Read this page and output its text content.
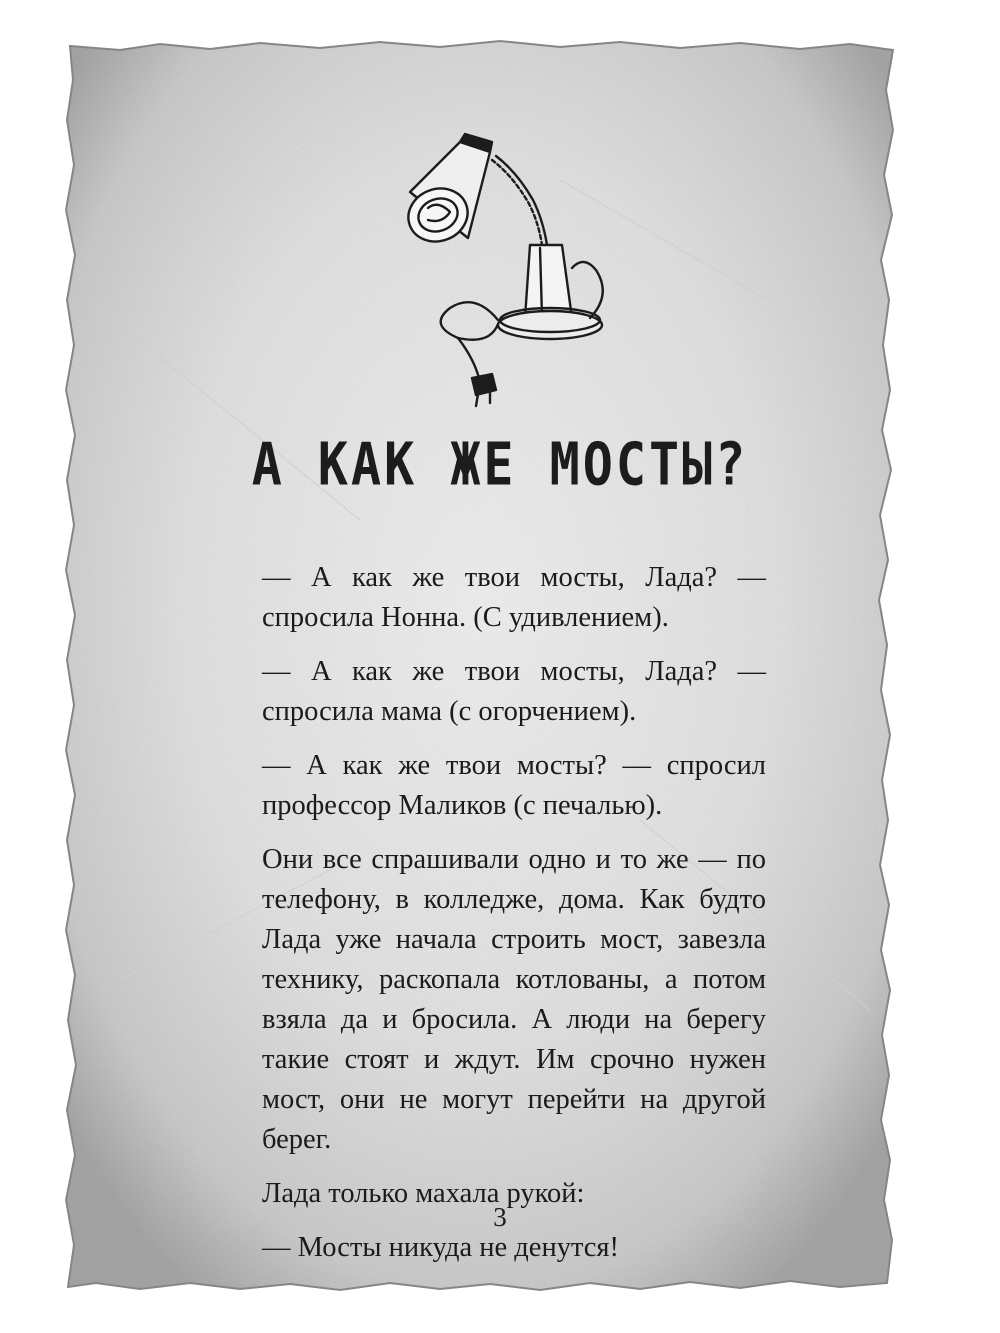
А КАК ЖЕ МОСТЫ?

— А как же твои мосты, Лада? — спросила Нонна. (С удивлением).

— А как же твои мосты, Лада? — спросила мама (с огорчением).

— А как же твои мосты? — спросил профессор Маликов (с печалью).

Они все спрашивали одно и то же — по телефону, в колледже, дома. Как будто Лада уже начала строить мост, завезла технику, раскопала котлованы, а потом взяла да и бросила. А люди на берегу такие стоят и ждут. Им срочно нужен мост, они не могут перейти на другой берег.

Лада только махала рукой:

— Мосты никуда не денутся!

3
